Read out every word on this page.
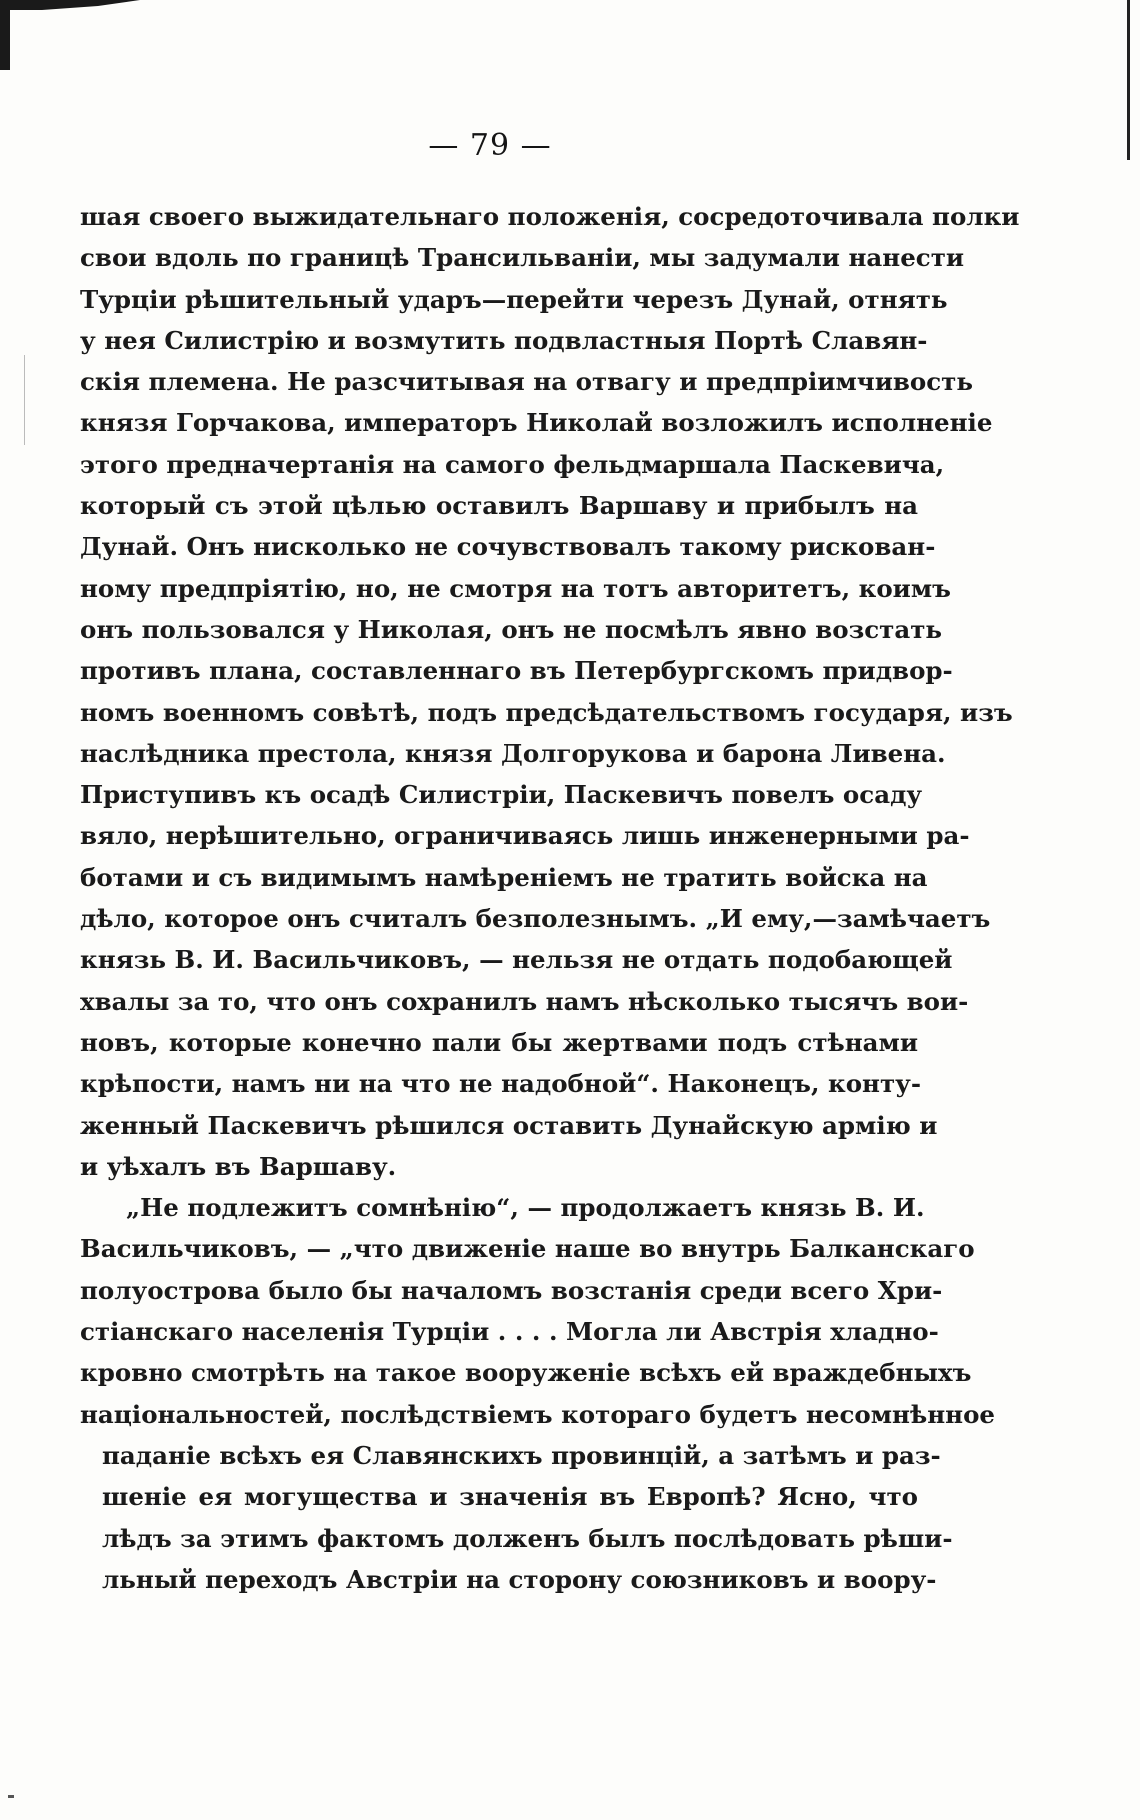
— 79 —
шая своего выжидательнаго положенія, сосредоточивала полки
свои вдоль по границѣ Трансильваніи, мы задумали нанести
Турціи рѣшительный ударъ—перейти черезъ Дунай, отнять
у нея Силистрію и возмутить подвластныя Портѣ Славян-
скія племена. Не разсчитывая на отвагу и предпріимчивость
князя Горчакова, императоръ Николай возложилъ исполненіе
этого предначертанія на самого фельдмаршала Паскевича,
который съ этой цѣлью оставилъ Варшаву и прибылъ на
Дунай. Онъ нисколько не сочувствовалъ такому рискован-
ному предпріятію, но, не смотря на тотъ авторитетъ, коимъ
онъ пользовался у Николая, онъ не посмѣлъ явно возстать
противъ плана, составленнаго въ Петербургскомъ придвор-
номъ военномъ совѣтѣ, подъ предсѣдательствомъ государя, изъ
наслѣдника престола, князя Долгорукова и барона Ливена.
Приступивъ къ осадѣ Силистріи, Паскевичъ повелъ осаду
вяло, нерѣшительно, ограничиваясь лишь инженерными ра-
ботами и съ видимымъ намѣреніемъ не тратить войска на
дѣло, которое онъ считалъ безполезнымъ. „И ему,—замѣчаетъ
князь В. И. Васильчиковъ, — нельзя не отдать подобающей
хвалы за то, что онъ сохранилъ намъ нѣсколько тысячъ вои-
новъ, которые конечно пали бы жертвами подъ стѣнами
крѣпости, намъ ни на что не надобной“. Наконецъ, конту-
женный Паскевичъ рѣшился оставить Дунайскую армію и
и уѣхалъ въ Варшаву.
„Не подлежитъ сомнѣнію“, — продолжаетъ князь В. И.
Васильчиковъ, — „что движеніе наше во внутрь Балканскаго
полуострова было бы началомъ возстанія среди всего Хри-
стіанскаго населенія Турціи . . . . Могла ли Австрія хладно-
кровно смотрѣть на такое вооруженіе всѣхъ ей враждебныхъ
національностей, послѣдствіемъ котораго будетъ несомнѣнное
паданіе всѣхъ ея Славянскихъ провинцій, а затѣмъ и раз-
шеніе ея могущества и значенія въ Европѣ? Ясно, что
лѣдъ за этимъ фактомъ долженъ былъ послѣдовать рѣши-
льный переходъ Австріи на сторону союзниковъ и воору-
